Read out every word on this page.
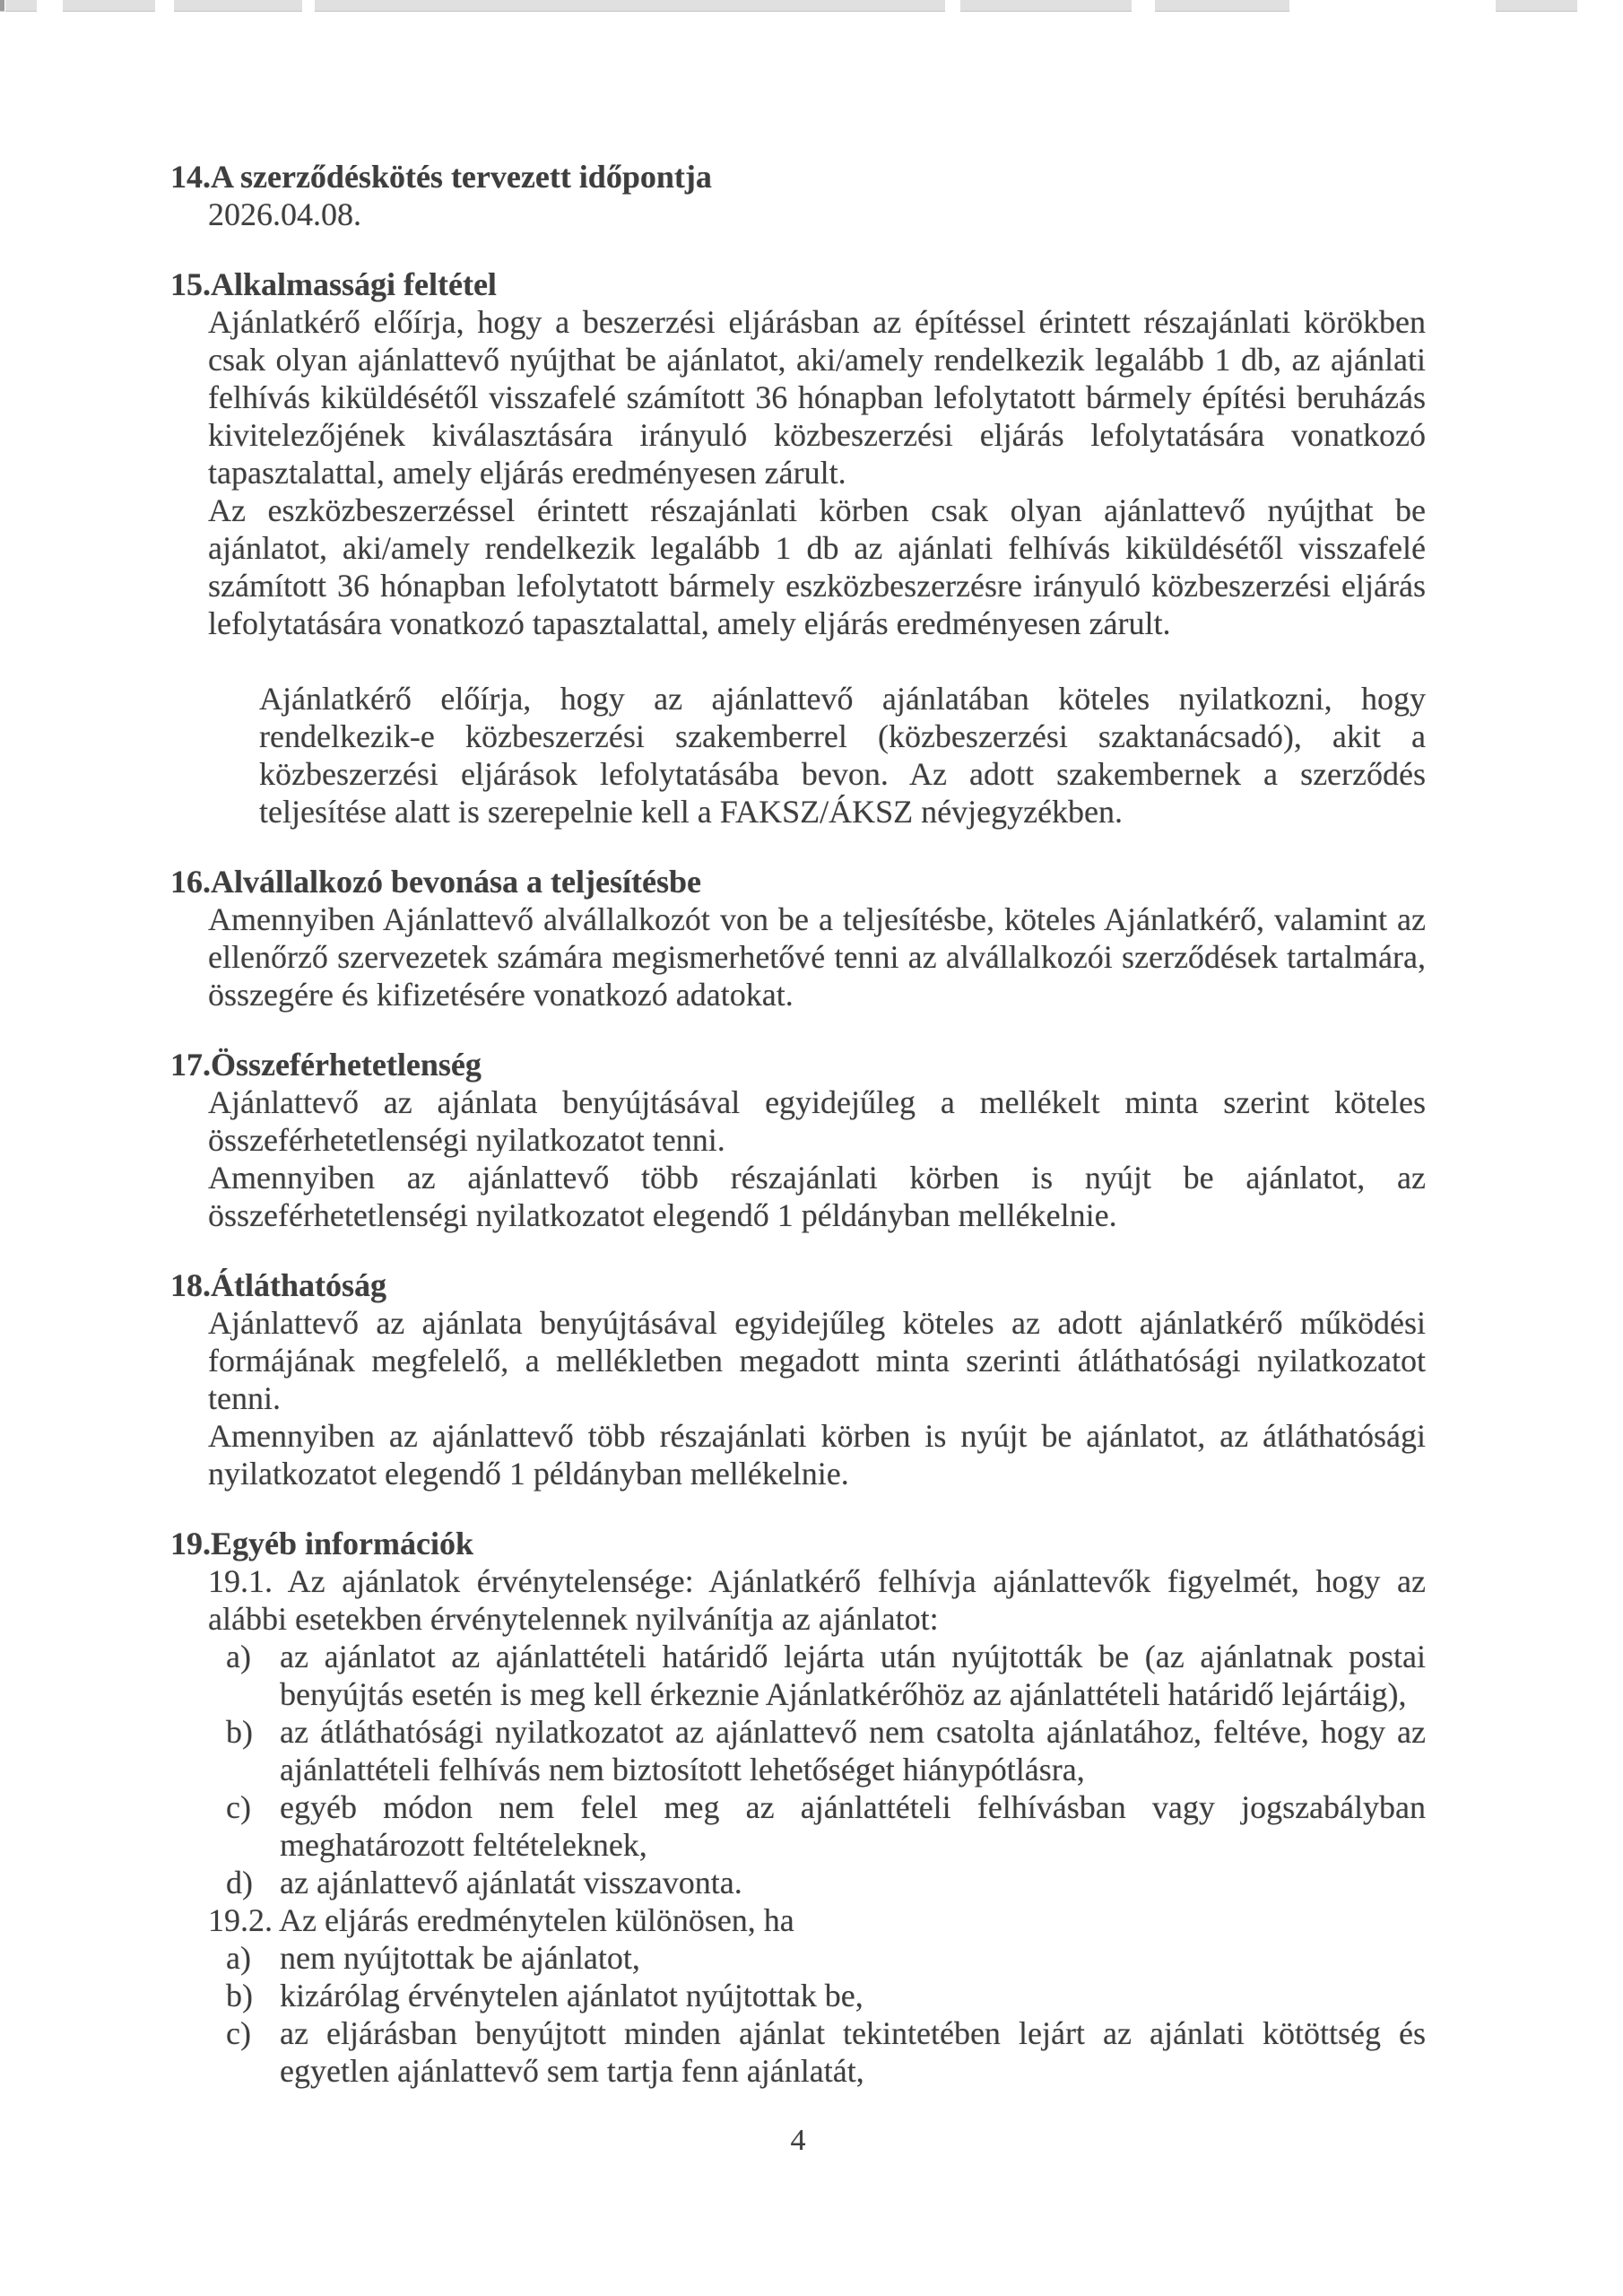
14. A szerződéskötés tervezett időpontja

2026.04.08.

15. Alkalmassági feltétel

Ajánlatkérő előírja, hogy a beszerzési eljárásban az építéssel érintett részajánlati körökben csak olyan ajánlattevő nyújthat be ajánlatot, aki/amely rendelkezik legalább 1 db, az ajánlati felhívás kiküldésétől visszafelé számított 36 hónapban lefolytatott bármely építési beruházás kivitelezőjének kiválasztására irányuló közbeszerzési eljárás lefolytatására vonatkozó tapasztalattal, amely eljárás eredményesen zárult.

Az eszközbeszerzéssel érintett részajánlati körben csak olyan ajánlattevő nyújthat be ajánlatot, aki/amely rendelkezik legalább 1 db az ajánlati felhívás kiküldésétől visszafelé számított 36 hónapban lefolytatott bármely eszközbeszerzésre irányuló közbeszerzési eljárás lefolytatására vonatkozó tapasztalattal, amely eljárás eredményesen zárult.

Ajánlatkérő előírja, hogy az ajánlattevő ajánlatában köteles nyilatkozni, hogy rendelkezik-e közbeszerzési szakemberrel (közbeszerzési szaktanácsadó), akit a közbeszerzési eljárások lefolytatásába bevon. Az adott szakembernek a szerződés teljesítése alatt is szerepelnie kell a FAKSZ/ÁKSZ névjegyzékben.

16. Alvállalkozó bevonása a teljesítésbe

Amennyiben Ajánlattevő alvállalkozót von be a teljesítésbe, köteles Ajánlatkérő, valamint az ellenőrző szervezetek számára megismerhetővé tenni az alvállalkozói szerződések tartalmára, összegére és kifizetésére vonatkozó adatokat.

17. Összeférhetetlenség

Ajánlattevő az ajánlata benyújtásával egyidejűleg a mellékelt minta szerint köteles összeférhetetlenségi nyilatkozatot tenni.

Amennyiben az ajánlattevő több részajánlati körben is nyújt be ajánlatot, az összeférhetetlenségi nyilatkozatot elegendő 1 példányban mellékelnie.

18. Átláthatóság

Ajánlattevő az ajánlata benyújtásával egyidejűleg köteles az adott ajánlatkérő működési formájának megfelelő, a mellékletben megadott minta szerinti átláthatósági nyilatkozatot tenni.

Amennyiben az ajánlattevő több részajánlati körben is nyújt be ajánlatot, az átláthatósági nyilatkozatot elegendő 1 példányban mellékelnie.

19. Egyéb információk

19.1. Az ajánlatok érvénytelensége: Ajánlatkérő felhívja ajánlattevők figyelmét, hogy az alábbi esetekben érvénytelennek nyilvánítja az ajánlatot:

a) az ajánlatot az ajánlattételi határidő lejárta után nyújtották be (az ajánlatnak postai benyújtás esetén is meg kell érkeznie Ajánlatkérőhöz az ajánlattételi határidő lejártáig),

b) az átláthatósági nyilatkozatot az ajánlattevő nem csatolta ajánlatához, feltéve, hogy az ajánlattételi felhívás nem biztosított lehetőséget hiánypótlásra,

c) egyéb módon nem felel meg az ajánlattételi felhívásban vagy jogszabályban meghatározott feltételeknek,

d) az ajánlattevő ajánlatát visszavonta.

19.2. Az eljárás eredménytelen különösen, ha

a) nem nyújtottak be ajánlatot,

b) kizárólag érvénytelen ajánlatot nyújtottak be,

c) az eljárásban benyújtott minden ajánlat tekintetében lejárt az ajánlati kötöttség és egyetlen ajánlattevő sem tartja fenn ajánlatát,

4
